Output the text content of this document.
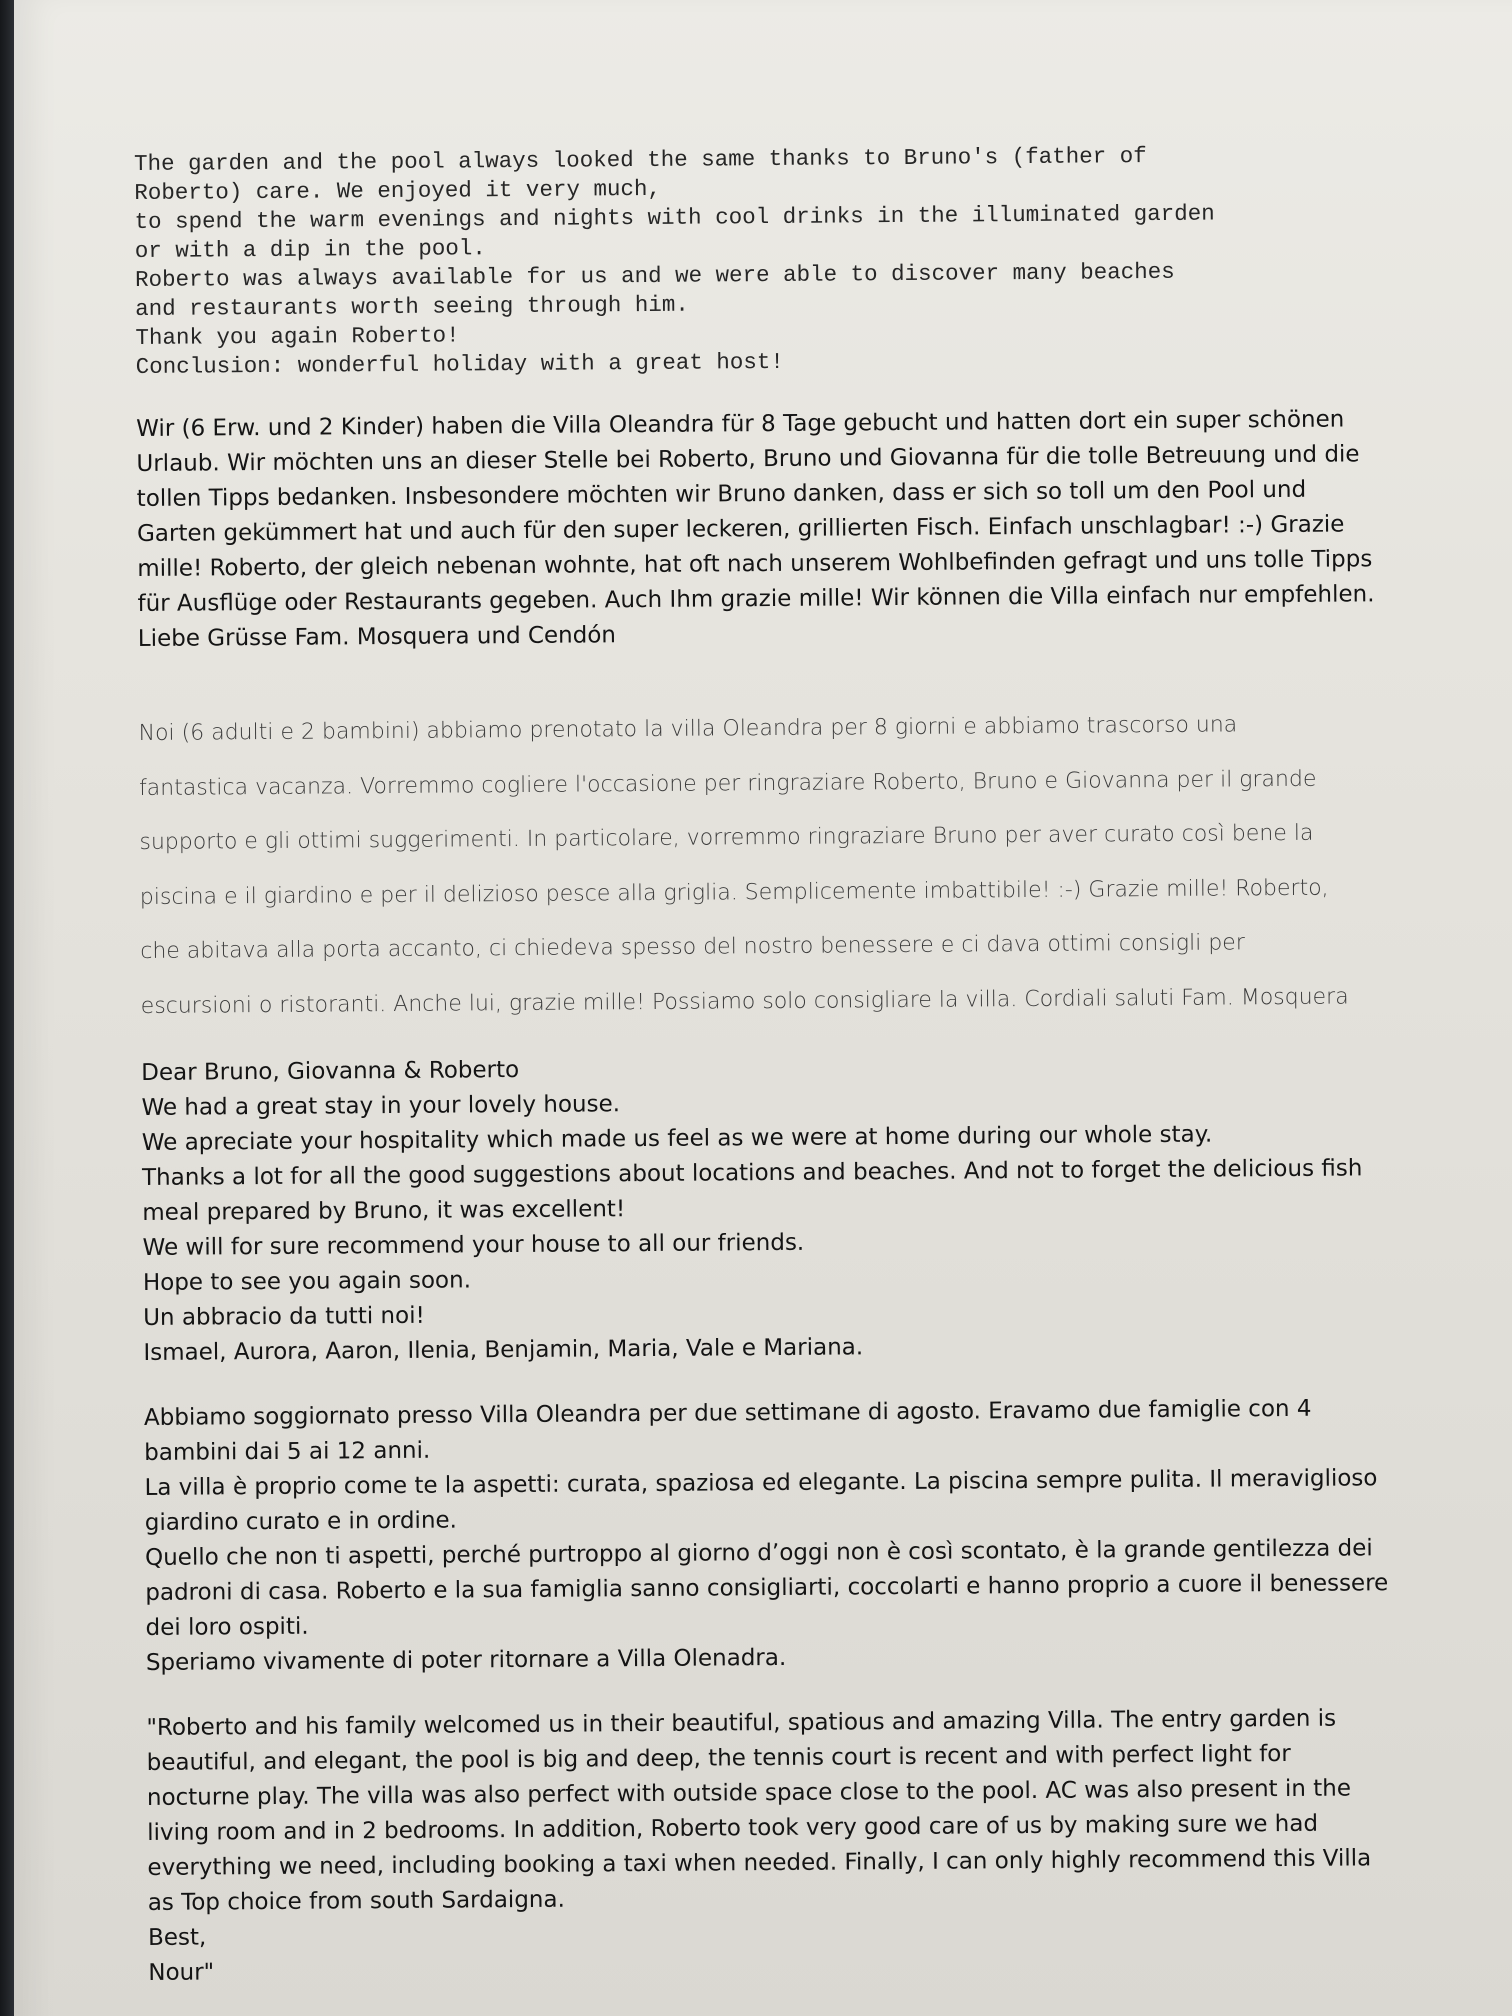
The garden and the pool always looked the same thanks to Bruno's (father of

Roberto) care. We enjoyed it very much,

to spend the warm evenings and nights with cool drinks in the illuminated garden

or with a dip in the pool.

Roberto was always available for us and we were able to discover many beaches

and restaurants worth seeing through him.

Thank you again Roberto!

Conclusion: wonderful holiday with a great host!

Wir (6 Erw. und 2 Kinder) haben die Villa Oleandra für 8 Tage gebucht und hatten dort ein super schönen

Urlaub. Wir möchten uns an dieser Stelle bei Roberto, Bruno und Giovanna für die tolle Betreuung und die

tollen Tipps bedanken. Insbesondere möchten wir Bruno danken, dass er sich so toll um den Pool und

Garten gekümmert hat und auch für den super leckeren, grillierten Fisch. Einfach unschlagbar! :-) Grazie

mille! Roberto, der gleich nebenan wohnte, hat oft nach unserem Wohlbefinden gefragt und uns tolle Tipps

für Ausflüge oder Restaurants gegeben. Auch Ihm grazie mille! Wir können die Villa einfach nur empfehlen.

Liebe Grüsse Fam. Mosquera und Cendón

Noi (6 adulti e 2 bambini) abbiamo prenotato la villa Oleandra per 8 giorni e abbiamo trascorso una

fantastica vacanza. Vorremmo cogliere l'occasione per ringraziare Roberto, Bruno e Giovanna per il grande

supporto e gli ottimi suggerimenti. In particolare, vorremmo ringraziare Bruno per aver curato così bene la

piscina e il giardino e per il delizioso pesce alla griglia. Semplicemente imbattibile! :-) Grazie mille! Roberto,

che abitava alla porta accanto, ci chiedeva spesso del nostro benessere e ci dava ottimi consigli per

escursioni o ristoranti. Anche lui, grazie mille! Possiamo solo consigliare la villa. Cordiali saluti Fam. Mosquera

Dear Bruno, Giovanna & Roberto

We had a great stay in your lovely house.

We apreciate your hospitality which made us feel as we were at home during our whole stay.

Thanks a lot for all the good suggestions about locations and beaches. And not to forget the delicious fish

meal prepared by Bruno, it was excellent!

We will for sure recommend your house to all our friends.

Hope to see you again soon.

Un abbracio da tutti noi!

Ismael, Aurora, Aaron, Ilenia, Benjamin, Maria, Vale e Mariana.

Abbiamo soggiornato presso Villa Oleandra per due settimane di agosto. Eravamo due famiglie con 4

bambini dai 5 ai 12 anni.

La villa è proprio come te la aspetti: curata, spaziosa ed elegante. La piscina sempre pulita. Il meraviglioso

giardino curato e in ordine.

Quello che non ti aspetti, perché purtroppo al giorno d’oggi non è così scontato, è la grande gentilezza dei

padroni di casa. Roberto e la sua famiglia sanno consigliarti, coccolarti e hanno proprio a cuore il benessere

dei loro ospiti.

Speriamo vivamente di poter ritornare a Villa Olenadra.

"Roberto and his family welcomed us in their beautiful, spatious and amazing Villa. The entry garden is

beautiful, and elegant, the pool is big and deep, the tennis court is recent and with perfect light for

nocturne play. The villa was also perfect with outside space close to the pool. AC was also present in the

living room and in 2 bedrooms. In addition, Roberto took very good care of us by making sure we had

everything we need, including booking a taxi when needed. Finally, I can only highly recommend this Villa

as Top choice from south Sardaigna.

Best,

Nour"
